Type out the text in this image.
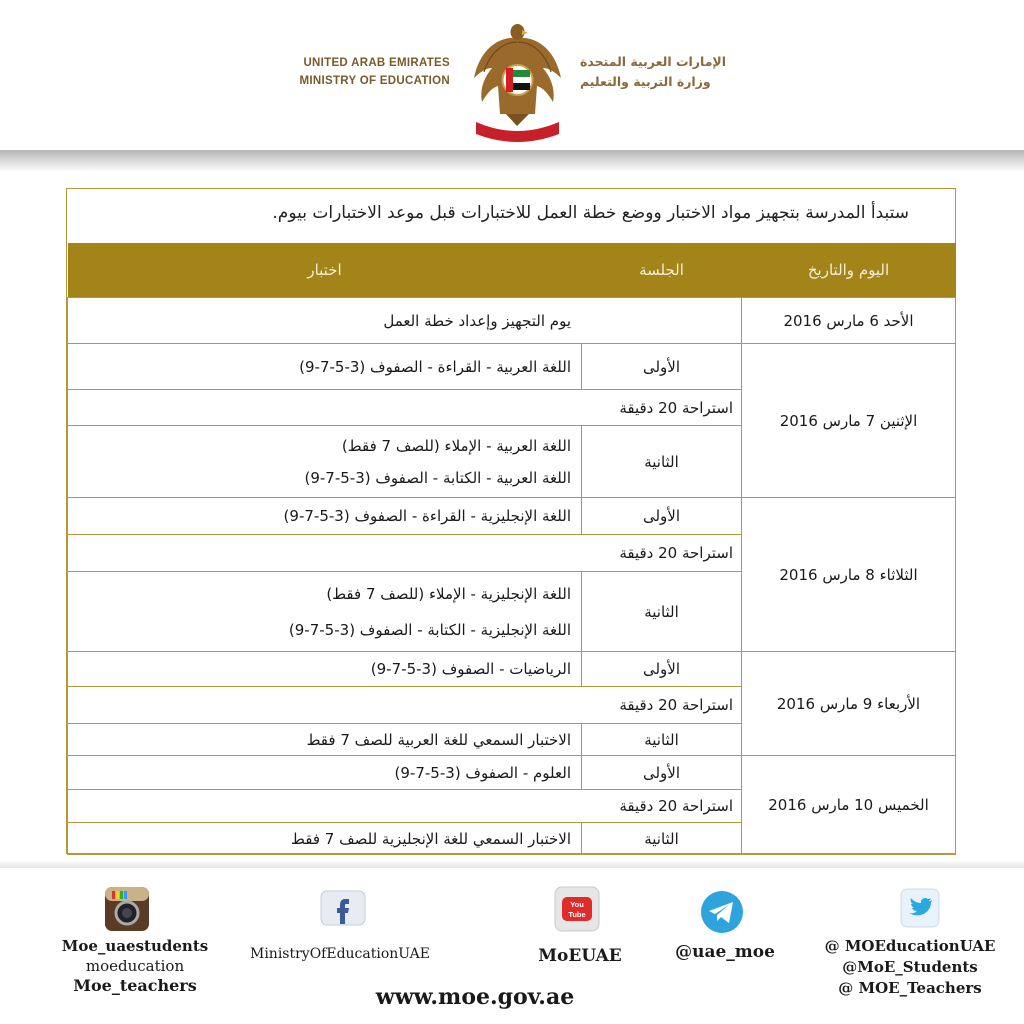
UNITED ARAB EMIRATES
MINISTRY OF EDUCATION
الإمارات العربية المتحدة
وزارة التربية والتعليم
ستبدأ المدرسة بتجهيز مواد الاختبار ووضع خطة العمل للاختبارات قبل موعد الاختبارات بيوم.
اليوم والتاريخ	الجلسة	اختبار
الأحد 6 مارس 2016	يوم التجهيز وإعداد خطة العمل	
الإثنين 7 مارس 2016	الأولى	اللغة العربية - القراءة - الصفوف (3-5-7-9)
	استراحة 20 دقيقة	
	الثانية	اللغة العربية - الإملاء (للصف 7 فقط)
اللغة العربية - الكتابة - الصفوف (3-5-7-9)

الثلاثاء 8 مارس 2016	الأولى	اللغة الإنجليزية - القراءة - الصفوف (3-5-7-9)
	استراحة 20 دقيقة	
	الثانية	اللغة الإنجليزية - الإملاء (للصف 7 فقط)
اللغة الإنجليزية - الكتابة - الصفوف (3-5-7-9)

الأربعاء 9 مارس 2016	الأولى	الرياضيات - الصفوف (3-5-7-9)
	استراحة 20 دقيقة	
	الثانية	الاختبار السمعي للغة العربية للصف 7 فقط
الخميس 10 مارس 2016	الأولى	العلوم - الصفوف (3-5-7-9)
	استراحة 20 دقيقة	
	الثانية	الاختبار السمعي للغة الإنجليزية للصف 7 فقط
Moe_uaestudents
moeducation
Moe_teachers
MinistryOfEducationUAE
You
Tube
MoEUAE	@uae_moe	@ MOEducationUAE
@MoE_Students
@ MOE_Teachers
www.moe.gov.ae
